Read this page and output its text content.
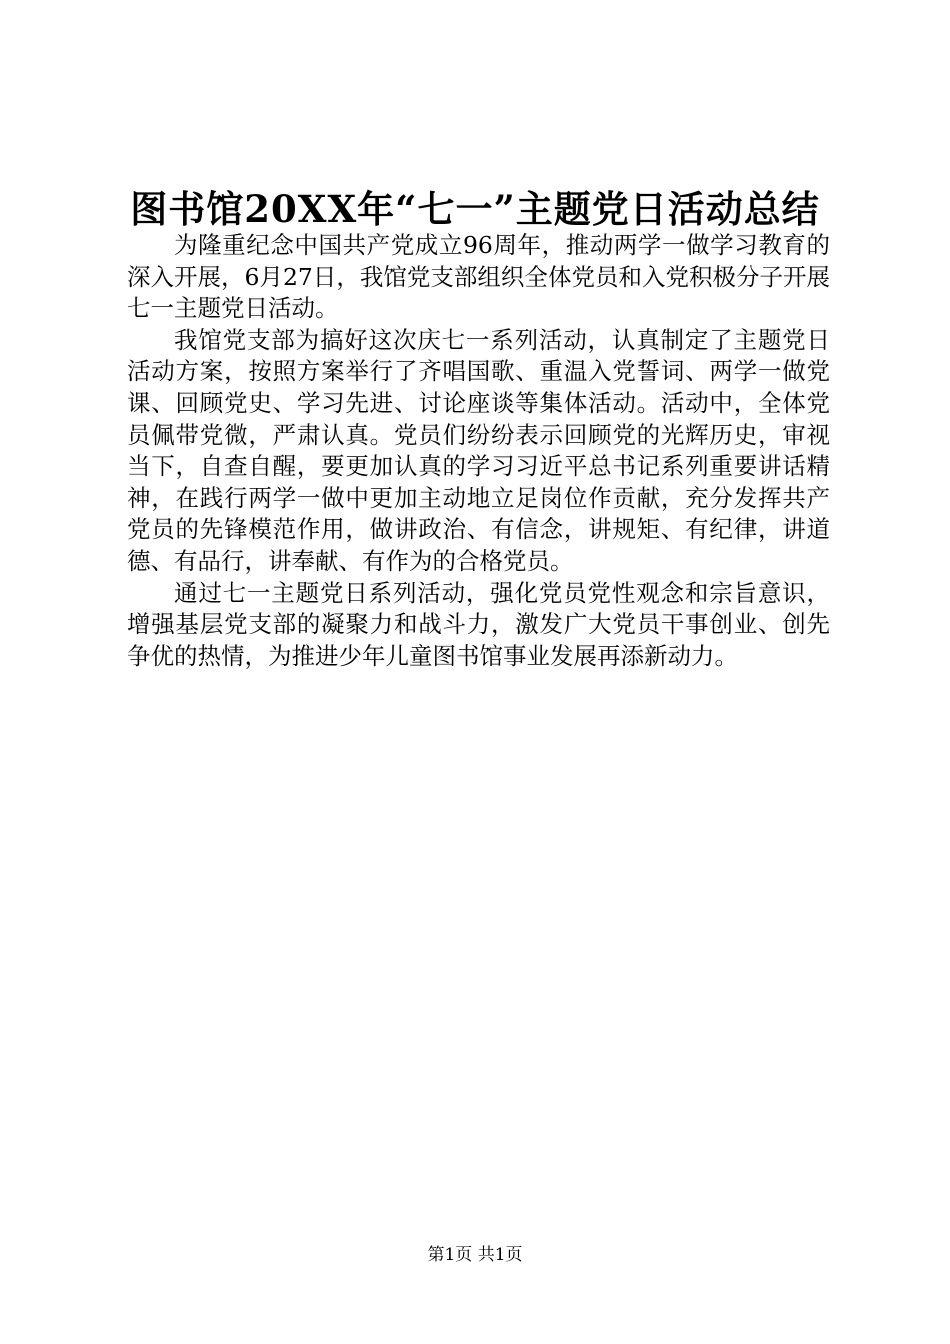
图书馆20XX年“七一”主题党日活动总结

为隆重纪念中国共产党成立96周年，推动两学一做学习教育的深入开展，6月27日，我馆党支部组织全体党员和入党积极分子开展七一主题党日活动。

我馆党支部为搞好这次庆七一系列活动，认真制定了主题党日活动方案，按照方案举行了齐唱国歌、重温入党誓词、两学一做党课、回顾党史、学习先进、讨论座谈等集体活动。活动中，全体党员佩带党微，严肃认真。党员们纷纷表示回顾党的光辉历史，审视当下，自查自醒，要更加认真的学习习近平总书记系列重要讲话精神，在践行两学一做中更加主动地立足岗位作贡献，充分发挥共产党员的先锋模范作用，做讲政治、有信念，讲规矩、有纪律，讲道德、有品行，讲奉献、有作为的合格党员。

通过七一主题党日系列活动，强化党员党性观念和宗旨意识，增强基层党支部的凝聚力和战斗力，激发广大党员干事创业、创先争优的热情，为推进少年儿童图书馆事业发展再添新动力。

第1页 共1页
